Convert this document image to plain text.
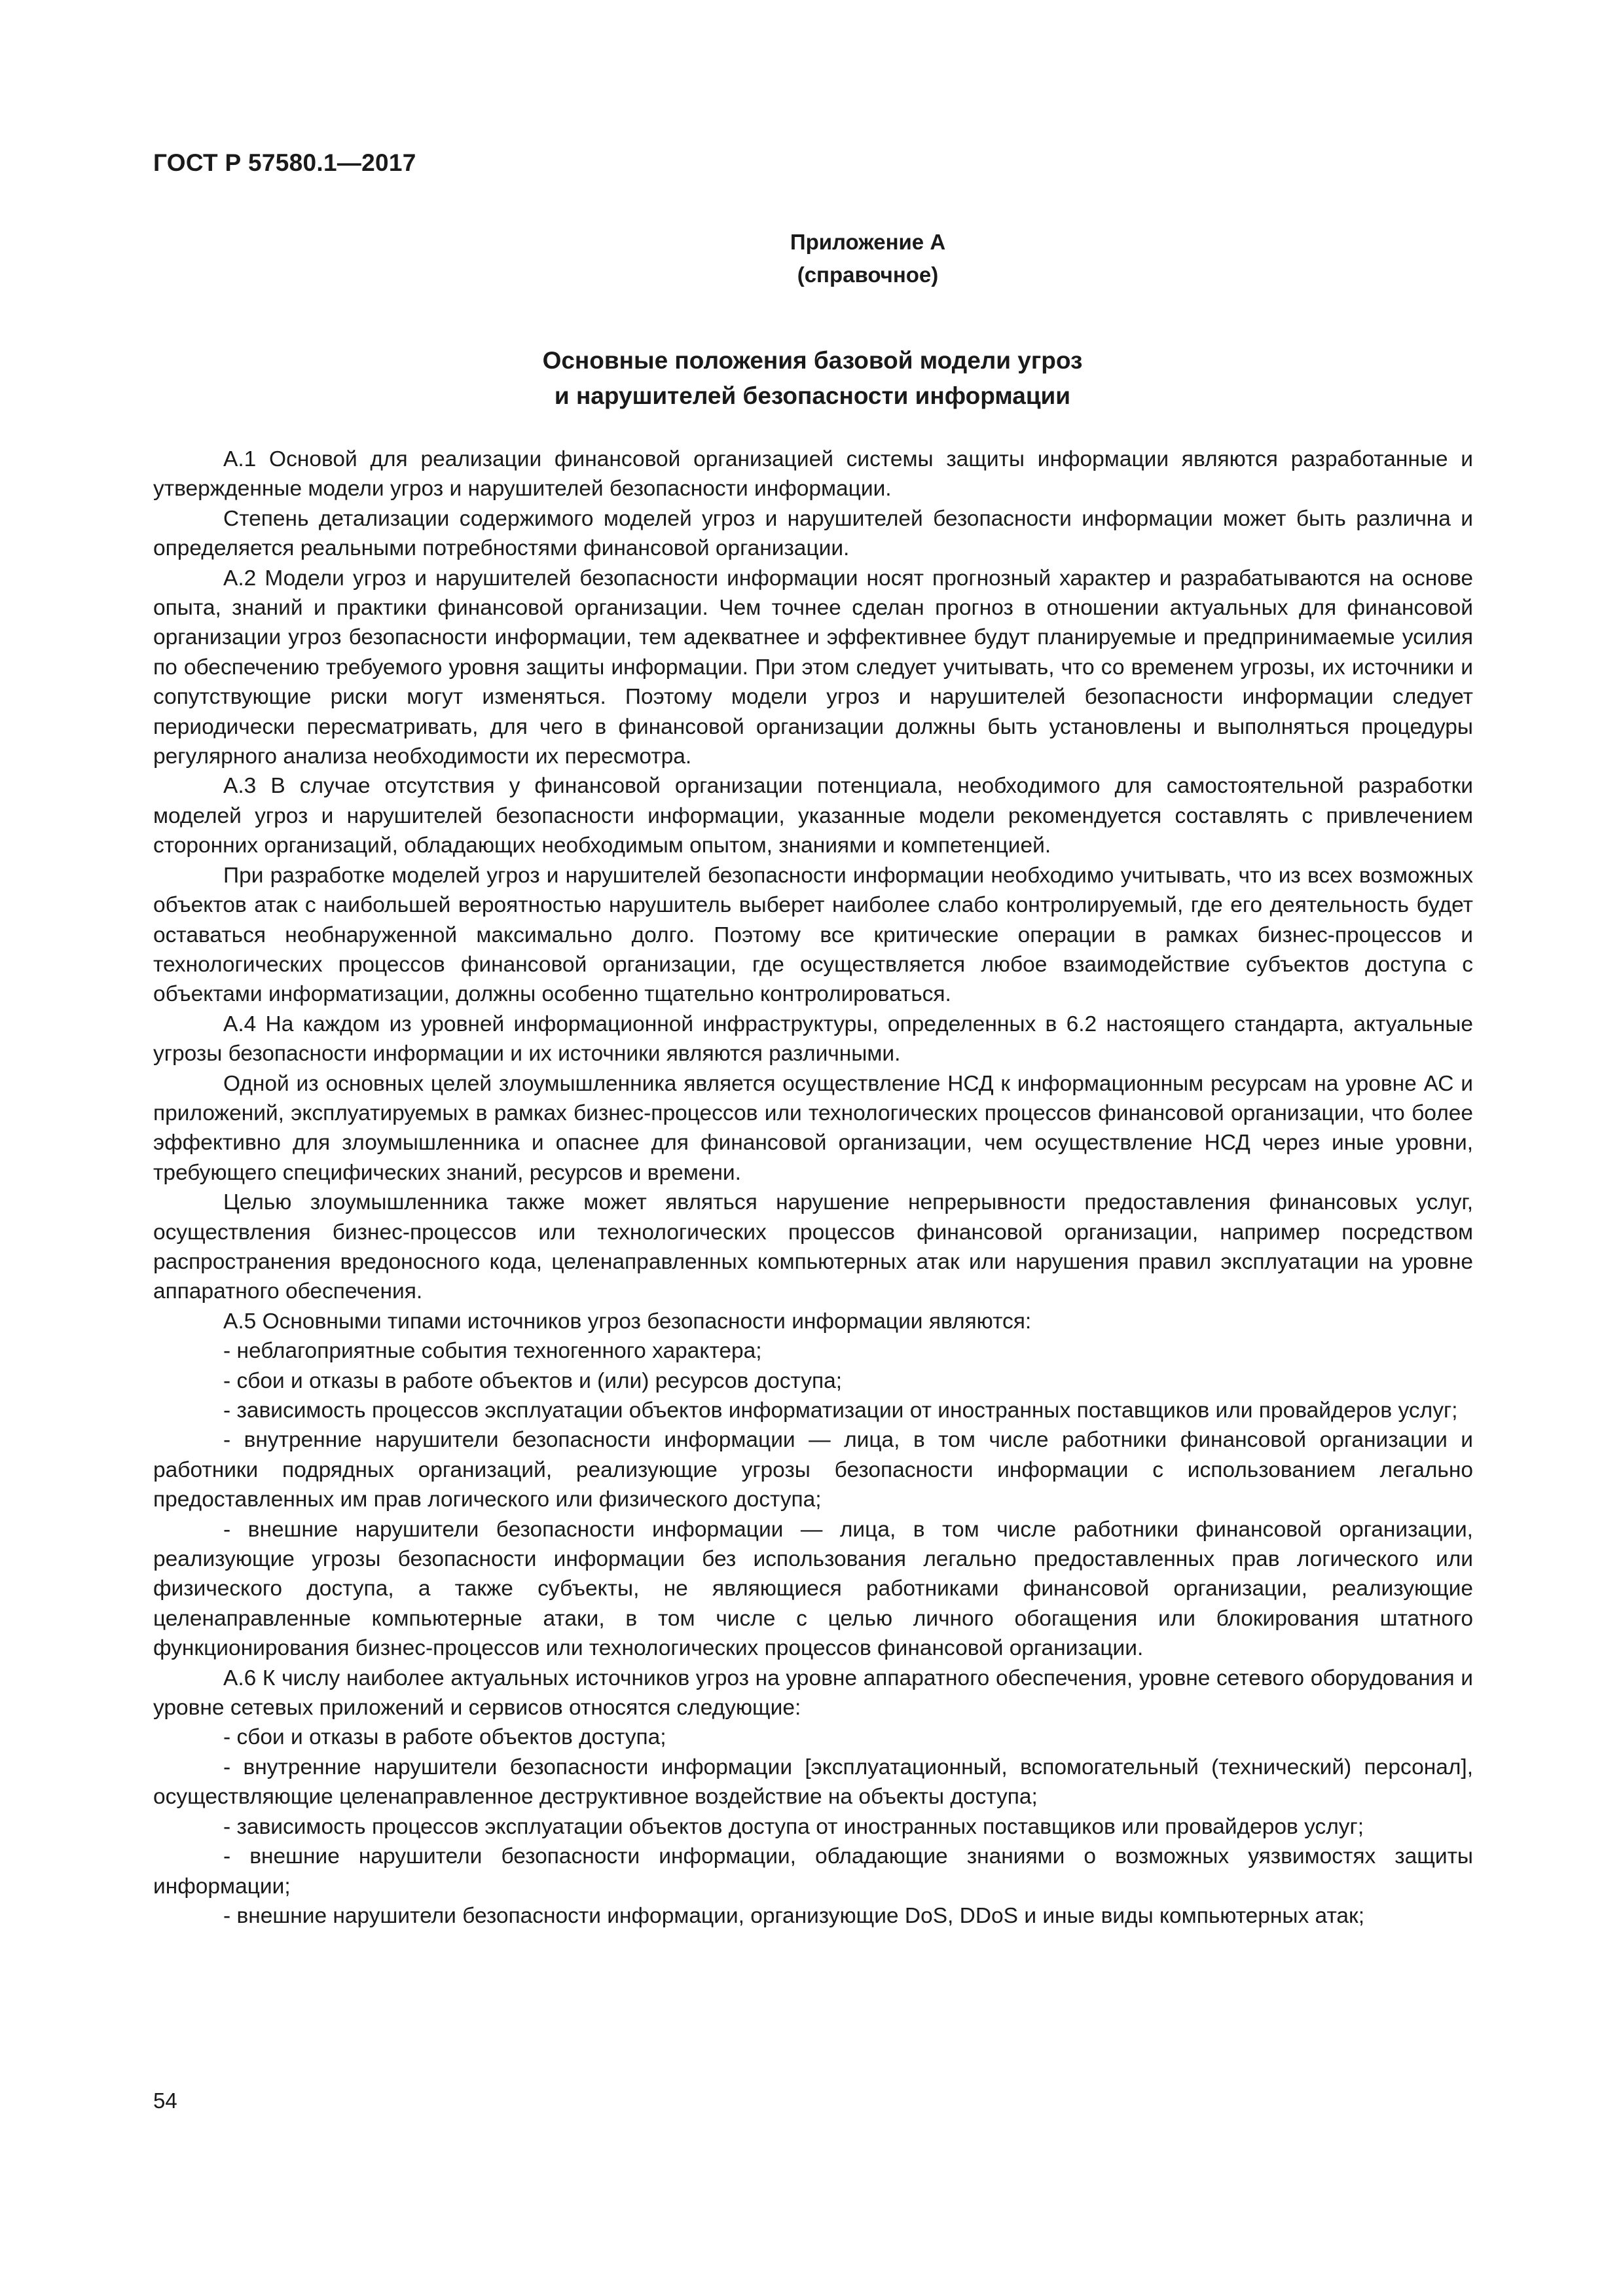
ГОСТ Р 57580.1—2017
Приложение А
(справочное)
Основные положения базовой модели угроз
и нарушителей безопасности информации

А.1 Основой для реализации финансовой организацией системы защиты информации являются разработанные и утвержденные модели угроз и нарушителей безопасности информации.

Степень детализации содержимого моделей угроз и нарушителей безопасности информации может быть различна и определяется реальными потребностями финансовой организации.

А.2 Модели угроз и нарушителей безопасности информации носят прогнозный характер и разрабатываются на основе опыта, знаний и практики финансовой организации. Чем точнее сделан прогноз в отношении актуальных для финансовой организации угроз безопасности информации, тем адекватнее и эффективнее будут планируемые и предпринимаемые усилия по обеспечению требуемого уровня защиты информации. При этом следует учитывать, что со временем угрозы, их источники и сопутствующие риски могут изменяться. Поэтому модели угроз и нарушителей безопасности информации следует периодически пересматривать, для чего в финансовой организации должны быть установлены и выполняться процедуры регулярного анализа необходимости их пересмотра.

А.3 В случае отсутствия у финансовой организации потенциала, необходимого для самостоятельной разработки моделей угроз и нарушителей безопасности информации, указанные модели рекомендуется составлять с привлечением сторонних организаций, обладающих необходимым опытом, знаниями и компетенцией.

При разработке моделей угроз и нарушителей безопасности информации необходимо учитывать, что из всех возможных объектов атак с наибольшей вероятностью нарушитель выберет наиболее слабо контролируемый, где его деятельность будет оставаться необнаруженной максимально долго. Поэтому все критические операции в рамках бизнес-процессов и технологических процессов финансовой организации, где осуществляется любое взаимодействие субъектов доступа с объектами информатизации, должны особенно тщательно контролироваться.

А.4 На каждом из уровней информационной инфраструктуры, определенных в 6.2 настоящего стандарта, актуальные угрозы безопасности информации и их источники являются различными.

Одной из основных целей злоумышленника является осуществление НСД к информационным ресурсам на уровне АС и приложений, эксплуатируемых в рамках бизнес-процессов или технологических процессов финансовой организации, что более эффективно для злоумышленника и опаснее для финансовой организации, чем осуществление НСД через иные уровни, требующего специфических знаний, ресурсов и времени.

Целью злоумышленника также может являться нарушение непрерывности предоставления финансовых услуг, осуществления бизнес-процессов или технологических процессов финансовой организации, например посредством распространения вредоносного кода, целенаправленных компьютерных атак или нарушения правил эксплуатации на уровне аппаратного обеспечения.

А.5 Основными типами источников угроз безопасности информации являются:

- неблагоприятные события техногенного характера;

- сбои и отказы в работе объектов и (или) ресурсов доступа;

- зависимость процессов эксплуатации объектов информатизации от иностранных поставщиков или провайдеров услуг;

- внутренние нарушители безопасности информации — лица, в том числе работники финансовой организации и работники подрядных организаций, реализующие угрозы безопасности информации с использованием легально предоставленных им прав логического или физического доступа;

- внешние нарушители безопасности информации — лица, в том числе работники финансовой организации, реализующие угрозы безопасности информации без использования легально предоставленных прав логического или физического доступа, а также субъекты, не являющиеся работниками финансовой организации, реализующие целенаправленные компьютерные атаки, в том числе с целью личного обогащения или блокирования штатного функционирования бизнес-процессов или технологических процессов финансовой организации.

А.6 К числу наиболее актуальных источников угроз на уровне аппаратного обеспечения, уровне сетевого оборудования и уровне сетевых приложений и сервисов относятся следующие:

- сбои и отказы в работе объектов доступа;

- внутренние нарушители безопасности информации [эксплуатационный, вспомогательный (технический) персонал], осуществляющие целенаправленное деструктивное воздействие на объекты доступа;

- зависимость процессов эксплуатации объектов доступа от иностранных поставщиков или провайдеров услуг;

- внешние нарушители безопасности информации, обладающие знаниями о возможных уязвимостях защиты информации;

- внешние нарушители безопасности информации, организующие DoS, DDoS и иные виды компьютерных атак;

54
